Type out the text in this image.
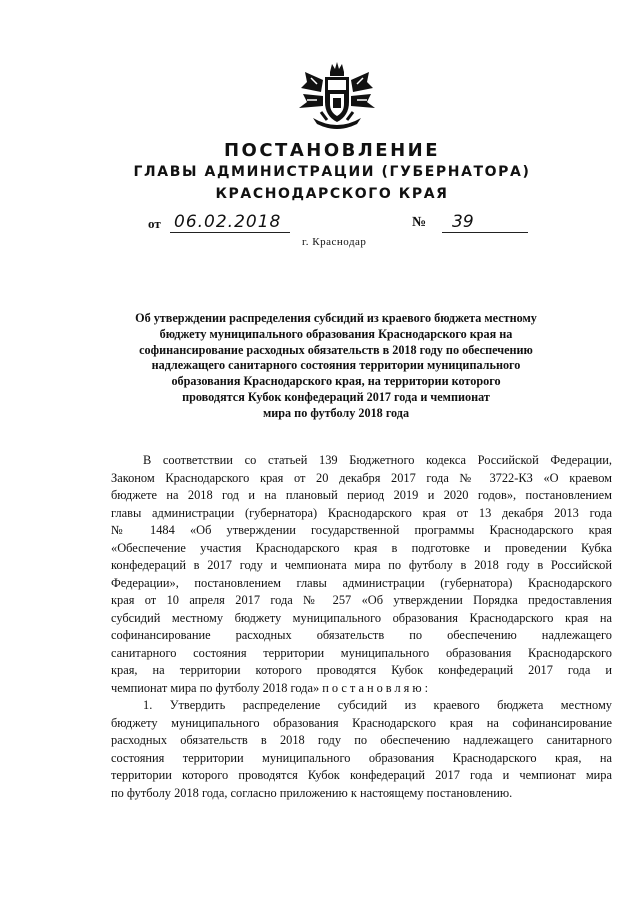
ПОСТАНОВЛЕНИЕ
ГЛАВЫ АДМИНИСТРАЦИИ (ГУБЕРНАТОРА)
КРАСНОДАРСКОГО КРАЯ
от 06.02.2018	№	39
г. Краснодар
Об утверждении распределения субсидий из краевого бюджета местному
бюджету муниципального образования Краснодарского края на
софинансирование расходных обязательств в 2018 году по обеспечению
надлежащего санитарного состояния территории муниципального
образования Краснодарского края, на территории которого
проводятся Кубок конфедераций 2017 года и чемпионат
мира по футболу 2018 года
В соответствии со статьей 139 Бюджетного кодекса Российской Федерации,
Законом Краснодарского края от 20 декабря 2017 года № 3722-КЗ «О краевом
бюджете на 2018 год и на плановый период 2019 и 2020 годов», постановлением
главы администрации (губернатора) Краснодарского края от 13 декабря 2013 года
№ 1484 «Об утверждении государственной программы Краснодарского края
«Обеспечение участия Краснодарского края в подготовке и проведении Кубка
конфедераций в 2017 году и чемпионата мира по футболу в 2018 году в Российской
Федерации», постановлением главы администрации (губернатора) Краснодарского
края от 10 апреля 2017 года № 257 «Об утверждении Порядка предоставления
субсидий местному бюджету муниципального образования Краснодарского края на
софинансирование расходных обязательств по обеспечению надлежащего
санитарного состояния территории муниципального образования Краснодарского
края, на территории которого проводятся Кубок конфедераций 2017 года и
чемпионат мира по футболу 2018 года» постановляю:
1. Утвердить распределение субсидий из краевого бюджета местному
бюджету муниципального образования Краснодарского края на софинансирование
расходных обязательств в 2018 году по обеспечению надлежащего санитарного
состояния территории муниципального образования Краснодарского края, на
территории которого проводятся Кубок конфедераций 2017 года и чемпионат мира
по футболу 2018 года, согласно приложению к настоящему постановлению.
